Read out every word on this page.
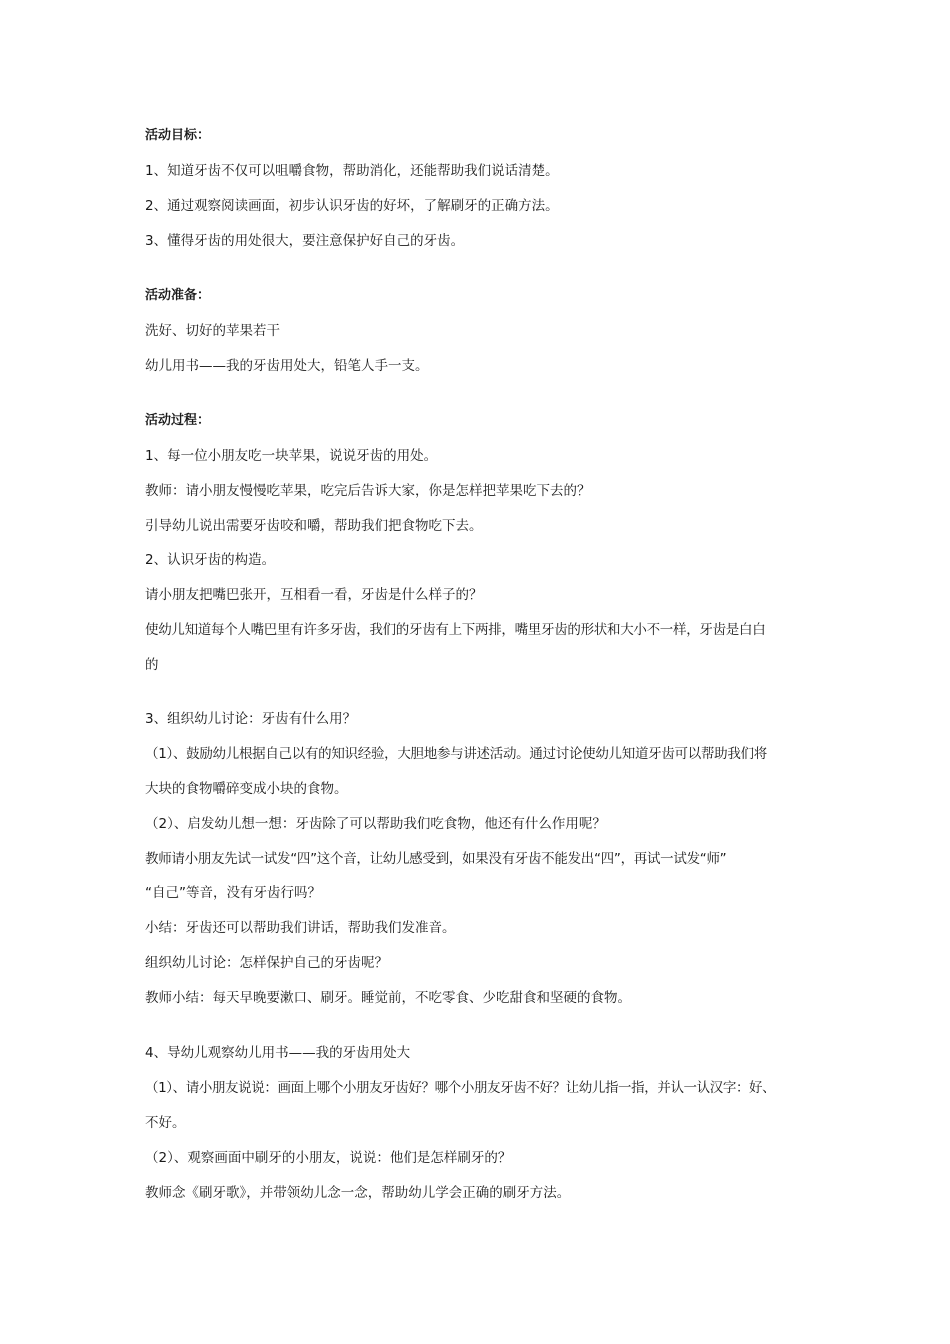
活动目标：
1、知道牙齿不仅可以咀嚼食物，帮助消化，还能帮助我们说话清楚。
2、通过观察阅读画面，初步认识牙齿的好坏，了解刷牙的正确方法。
3、懂得牙齿的用处很大，要注意保护好自己的牙齿。
活动准备：
洗好、切好的苹果若干
幼儿用书——我的牙齿用处大，铅笔人手一支。
活动过程：
1、每一位小朋友吃一块苹果，说说牙齿的用处。
教师：请小朋友慢慢吃苹果，吃完后告诉大家，你是怎样把苹果吃下去的？
引导幼儿说出需要牙齿咬和嚼，帮助我们把食物吃下去。
2、认识牙齿的构造。
请小朋友把嘴巴张开，互相看一看，牙齿是什么样子的？
使幼儿知道每个人嘴巴里有许多牙齿，我们的牙齿有上下两排，嘴里牙齿的形状和大小不一样，牙齿是白白
的
3、组织幼儿讨论：牙齿有什么用？
（1）、鼓励幼儿根据自己以有的知识经验，大胆地参与讲述活动。通过讨论使幼儿知道牙齿可以帮助我们将
大块的食物嚼碎变成小块的食物。
（2）、启发幼儿想一想：牙齿除了可以帮助我们吃食物，他还有什么作用呢？
教师请小朋友先试一试发“四”这个音，让幼儿感受到，如果没有牙齿不能发出“四”，再试一试发“师”
“自己”等音，没有牙齿行吗？
小结：牙齿还可以帮助我们讲话，帮助我们发准音。
组织幼儿讨论：怎样保护自己的牙齿呢？
教师小结：每天早晚要漱口、刷牙。睡觉前，不吃零食、少吃甜食和坚硬的食物。
4、导幼儿观察幼儿用书——我的牙齿用处大
（1）、请小朋友说说：画面上哪个小朋友牙齿好？哪个小朋友牙齿不好？让幼儿指一指，并认一认汉字：好、
不好。
（2）、观察画面中刷牙的小朋友，说说：他们是怎样刷牙的？
教师念《刷牙歌》，并带领幼儿念一念，帮助幼儿学会正确的刷牙方法。
